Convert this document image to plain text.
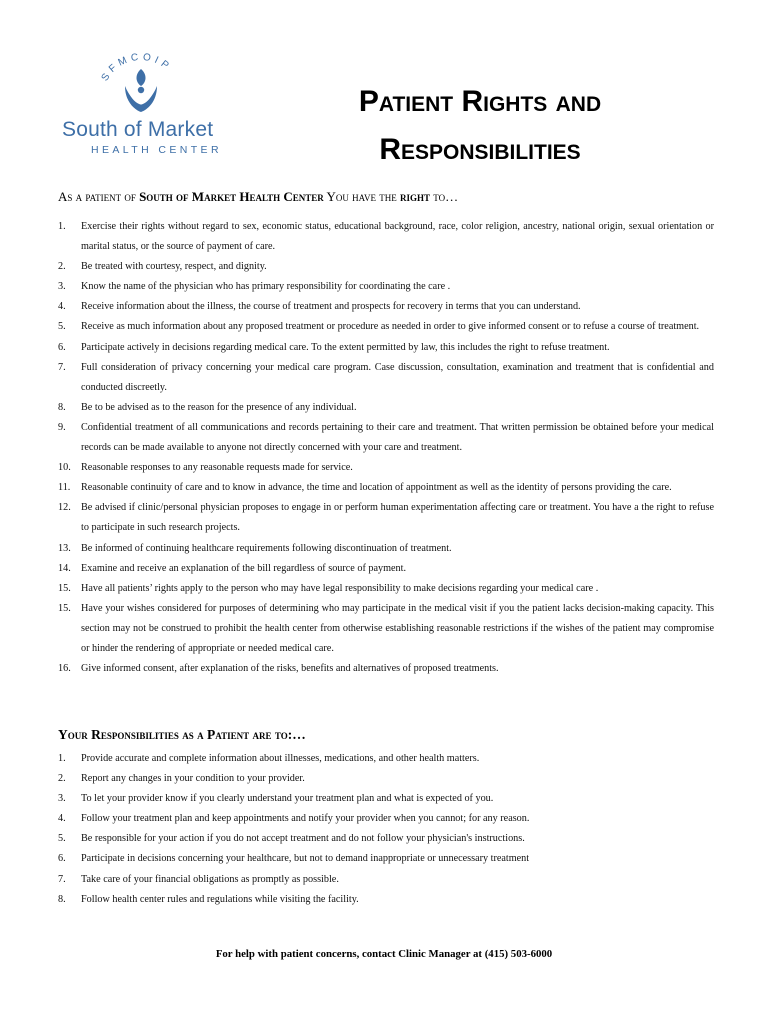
SFMCOIP
South of Market
HEALTH CENTER
Patient Rights and
Responsibilities
As a patient of South of Market Health Center You have the right to…
1. Exercise their rights without regard to sex, economic status, educational background, race, color religion, ancestry, national origin, sexual orientation or marital status, or the source of payment of care.
2. Be treated with courtesy, respect, and dignity.
3. Know the name of the physician who has primary responsibility for coordinating the care .
4. Receive information about the illness, the course of treatment and prospects for recovery in terms that you can understand.
5. Receive as much information about any proposed treatment or procedure as needed in order to give informed consent or to refuse a course of treatment.
6. Participate actively in decisions regarding medical care. To the extent permitted by law, this includes the right to refuse treatment.
7. Full consideration of privacy concerning your medical care program. Case discussion, consultation, examination and treatment that is confidential and conducted discreetly.
8. Be to be advised as to the reason for the presence of any individual.
9. Confidential treatment of all communications and records pertaining to their care and treatment. That written permission be obtained before your medical records can be made available to anyone not directly concerned with your care and treatment.
10. Reasonable responses to any reasonable requests made for service.
11. Reasonable continuity of care and to know in advance, the time and location of appointment as well as the identity of persons providing the care.
12. Be advised if clinic/personal physician proposes to engage in or perform human experimentation affecting care or treatment. You have a the right to refuse to participate in such research projects.
13. Be informed of continuing healthcare requirements following discontinuation of treatment.
14. Examine and receive an explanation of the bill regardless of source of payment.
15. Have all patients’ rights apply to the person who may have legal responsibility to make decisions regarding your medical care .
15. Have your wishes considered for purposes of determining who may participate in the medical visit if you the patient lacks decision-making capacity. This section may not be construed to prohibit the health center from otherwise establishing reasonable restrictions if the wishes of the patient may compromise or hinder the rendering of appropriate or needed medical care.
16. Give informed consent, after explanation of the risks, benefits and alternatives of proposed treatments.
Your Responsibilities as a Patient are to:…
1. Provide accurate and complete information about illnesses, medications, and other health matters.
2. Report any changes in your condition to your provider.
3. To let your provider know if you clearly understand your treatment plan and what is expected of you.
4. Follow your treatment plan and keep appointments and notify your provider when you cannot; for any reason.
5. Be responsible for your action if you do not accept treatment and do not follow your physician's instructions.
6. Participate in decisions concerning your healthcare, but not to demand inappropriate or unnecessary treatment
7. Take care of your financial obligations as promptly as possible.
8. Follow health center rules and regulations while visiting the facility.
For help with patient concerns, contact Clinic Manager at (415) 503-6000
